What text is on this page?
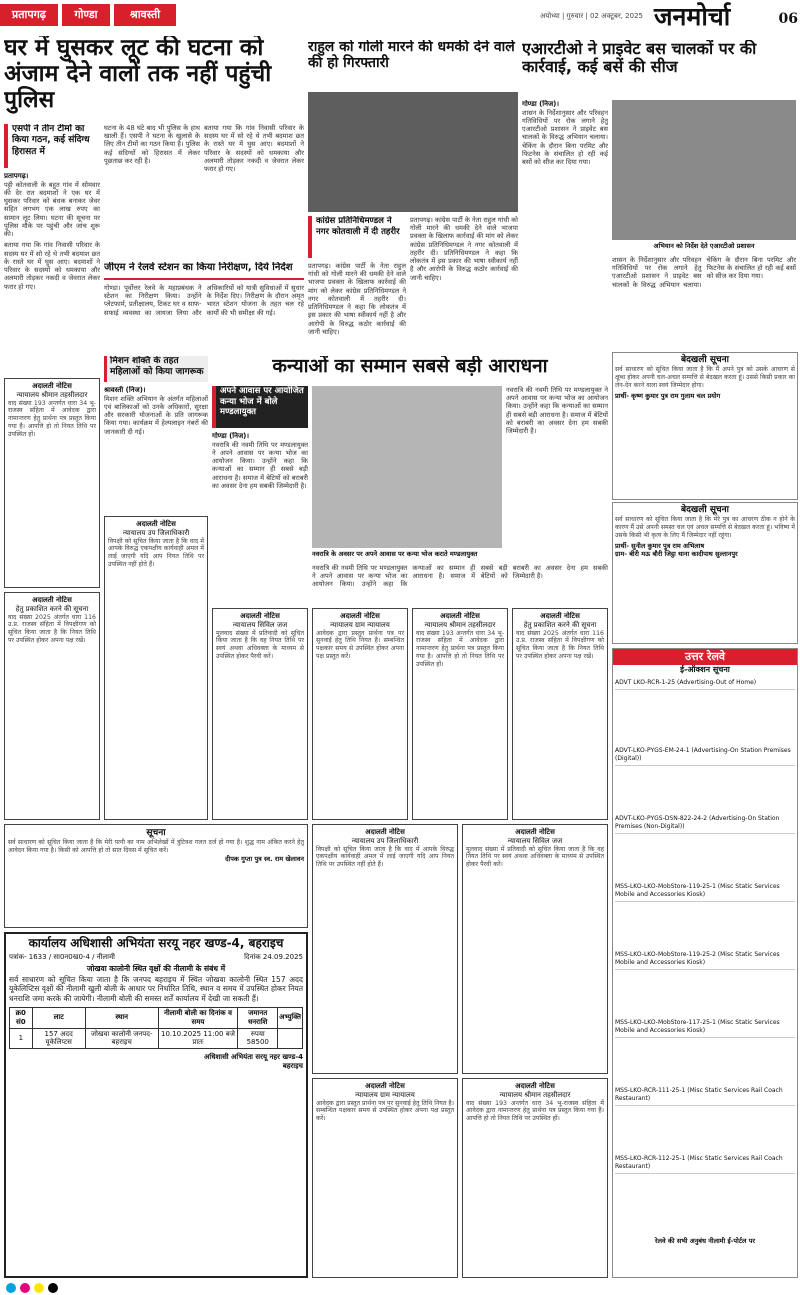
प्रतापगढ़	गोण्डा	श्रावस्ती	अयोध्या | गुरुवार | 02 अक्टूबर, 2025 जनमोर्चा	06
घर में घुसकर लूट की घटना को अंजाम देने वालों तक नहीं पहुंची पुलिस
एसपी ने तीन टीमों का किया गठन, कई संदिग्ध हिरासत में
प्रतापगढ़।
पट्टी कोतवाली के बहुत गांव में सोमवार की देर रात बदमाशों ने एक घर में घुसकर परिवार को बंधक बनाकर जेवर सहित लगभग एक लाख रुपए का सामान लूट लिया। घटना की सूचना पर पुलिस मौके पर पहुंची और जांच शुरू की।
बताया गया कि गांव निवासी परिवार के सदस्य घर में सो रहे थे तभी बदमाश छत के रास्ते घर में घुस आए। बदमाशों ने परिवार के सदस्यों को धमकाया और अलमारी तोड़कर नकदी व जेवरात लेकर फरार हो गए।
घटना के 48 घंटे बाद भी पुलिस के हाथ खाली हैं। एसपी ने घटना के खुलासे के लिए तीन टीमों का गठन किया है। पुलिस कई संदिग्धों को हिरासत में लेकर पूछताछ कर रही है।
बताया गया कि गांव निवासी परिवार के सदस्य घर में सो रहे थे तभी बदमाश छत के रास्ते घर में घुस आए। बदमाशों ने परिवार के सदस्यों को धमकाया और अलमारी तोड़कर नकदी व जेवरात लेकर फरार हो गए।
जीएम ने रेलवे स्टेशन का किया निरीक्षण, दिये निर्देश
गोण्डा। पूर्वोत्तर रेलवे के महाप्रबंधक ने स्टेशन का निरीक्षण किया। उन्होंने प्लेटफार्म, प्रतीक्षालय, टिकट घर व साफ-सफाई व्यवस्था का जायजा लिया और अधिकारियों को यात्री सुविधाओं में सुधार के निर्देश दिए। निरीक्षण के दौरान अमृत भारत स्टेशन योजना के तहत चल रहे कार्यों की भी समीक्षा की गई।
राहुल को गोली मारने की धमकी देने वाले की हो गिरफ्तारी
कांग्रेस प्रतिनिधिमण्डल ने नगर कोतवाली में दी तहरीर
प्रतापगढ़। कांग्रेस पार्टी के नेता राहुल गांधी को गोली मारने की धमकी देने वाले भाजपा प्रवक्ता के खिलाफ कार्रवाई की मांग को लेकर कांग्रेस प्रतिनिधिमण्डल ने नगर कोतवाली में तहरीर दी। प्रतिनिधिमण्डल ने कहा कि लोकतंत्र में इस प्रकार की भाषा स्वीकार्य नहीं है और आरोपी के विरुद्ध कठोर कार्रवाई की जानी चाहिए।
प्रतापगढ़। कांग्रेस पार्टी के नेता राहुल गांधी को गोली मारने की धमकी देने वाले भाजपा प्रवक्ता के खिलाफ कार्रवाई की मांग को लेकर कांग्रेस प्रतिनिधिमण्डल ने नगर कोतवाली में तहरीर दी। प्रतिनिधिमण्डल ने कहा कि लोकतंत्र में इस प्रकार की भाषा स्वीकार्य नहीं है और आरोपी के विरुद्ध कठोर कार्रवाई की जानी चाहिए।
एआरटीओ ने प्राइवेट बस चालकों पर की कार्रवाई, कई बसें की सीज
गोण्डा (निज)।
शासन के निर्देशानुसार और परिवहन गतिविधियों पर रोक लगाने हेतु एआरटीओ प्रशासन ने प्राइवेट बस चालकों के विरुद्ध अभियान चलाया। चेकिंग के दौरान बिना परमिट और फिटनेस के संचालित हो रही कई बसों को सीज कर दिया गया।
अभियान को निर्देश देते एआरटीओ प्रशासन
शासन के निर्देशानुसार और परिवहन गतिविधियों पर रोक लगाने हेतु एआरटीओ प्रशासन ने प्राइवेट बस चालकों के विरुद्ध अभियान चलाया। चेकिंग के दौरान बिना परमिट और फिटनेस के संचालित हो रही कई बसों को सीज कर दिया गया।
बेदखली सूचना
सर्व साधारण को सूचित किया जाता है कि मैं अपने पुत्र को उसके आचरण से क्षुब्ध होकर अपनी चल-अचल सम्पत्ति से बेदखल करता हूं। उससे किसी प्रकार का लेन-देन करने वाला स्वयं जिम्मेदार होगा।
प्रार्थी- कृष्ण कुमार पुत्र राम गुलाम चल प्रयोग
बेदखली सूचना
सर्व साधारण को सूचित किया जाता है कि मेरे पुत्र का आचरण ठीक न होने के कारण मैं उसे अपनी समस्त चल एवं अचल सम्पत्ति से बेदखल करता हूं। भविष्य में उसके किसी भी कृत्य के लिए मैं जिम्मेदार नहीं रहूंगा।
प्रार्थी- सुनील कुमार पुत्र राम अभिलाष
ग्राम- बीरी मऊ बौरी जिट्ठा थाना कादीपाथ सुल्तानपुर
मिशन शक्ति के तहत महिलाओं को किया जागरूक
श्रावस्ती (निज)।
मिशन शक्ति अभियान के अंतर्गत महिलाओं एवं बालिकाओं को उनके अधिकारों, सुरक्षा और सरकारी योजनाओं के प्रति जागरूक किया गया। कार्यक्रम में हेल्पलाइन नंबरों की जानकारी दी गई।
कन्याओं का सम्मान सबसे बड़ी आराधना
अपने आवास पर आयोजित कन्या भोज में बोले मण्डलायुक्त
गोण्डा (निज)।
नवरात्रि की नवमी तिथि पर मण्डलायुक्त ने अपने आवास पर कन्या भोज का आयोजन किया। उन्होंने कहा कि कन्याओं का सम्मान ही सबसे बड़ी आराधना है। समाज में बेटियों को बराबरी का अवसर देना हम सबकी जिम्मेदारी है।
नवरात्रि के अवसर पर अपने आवास पर कन्या भोज कराते मण्डलायुक्त
नवरात्रि की नवमी तिथि पर मण्डलायुक्त ने अपने आवास पर कन्या भोज का आयोजन किया। उन्होंने कहा कि कन्याओं का सम्मान ही सबसे बड़ी आराधना है। समाज में बेटियों को बराबरी का अवसर देना हम सबकी जिम्मेदारी है।
नवरात्रि की नवमी तिथि पर मण्डलायुक्त ने अपने आवास पर कन्या भोज का आयोजन किया। उन्होंने कहा कि कन्याओं का सम्मान ही सबसे बड़ी आराधना है। समाज में बेटियों को बराबरी का अवसर देना हम सबकी जिम्मेदारी है।
अदालती नोटिस
न्यायालय श्रीमान तहसीलदार
वाद संख्या 193 अन्तर्गत धारा 34 भू-राजस्व संहिता में आवेदक द्वारा नामान्तरण हेतु प्रार्थना पत्र प्रस्तुत किया गया है। आपत्ति हो तो नियत तिथि पर उपस्थित हों।
अदालती नोटिस
हेतु प्रकाशित करने की सूचना
वाद संख्या 2025 अंतर्गत धारा 116 उ.प्र. राजस्व संहिता में विपक्षीगण को सूचित किया जाता है कि नियत तिथि पर उपस्थित होकर अपना पक्ष रखें।
अदालती नोटिस
न्यायालय उप जिलाधिकारी
विपक्षी को सूचित किया जाता है कि वाद में आपके विरुद्ध एकपक्षीय कार्यवाही अमल में लाई जाएगी यदि आप नियत तिथि पर उपस्थित नहीं होते हैं।
अदालती नोटिस
न्यायालय सिविल जज
मूलवाद संख्या में प्रतिवादी को सूचित किया जाता है कि वह नियत तिथि पर स्वयं अथवा अधिवक्ता के माध्यम से उपस्थित होकर पैरवी करें।
अदालती नोटिस
न्यायालय ग्राम न्यायालय
आवेदक द्वारा प्रस्तुत प्रार्थना पत्र पर सुनवाई हेतु तिथि नियत है। सम्बन्धित पक्षकार समय से उपस्थित होकर अपना पक्ष प्रस्तुत करें।
अदालती नोटिस
न्यायालय श्रीमान तहसीलदार
वाद संख्या 193 अन्तर्गत धारा 34 भू-राजस्व संहिता में आवेदक द्वारा नामान्तरण हेतु प्रार्थना पत्र प्रस्तुत किया गया है। आपत्ति हो तो नियत तिथि पर उपस्थित हों।
अदालती नोटिस
हेतु प्रकाशित करने की सूचना
वाद संख्या 2025 अंतर्गत धारा 116 उ.प्र. राजस्व संहिता में विपक्षीगण को सूचित किया जाता है कि नियत तिथि पर उपस्थित होकर अपना पक्ष रखें।
सूचना
सर्व साधारण को सूचित किया जाता है कि मेरी पत्नी का नाम अभिलेखों में त्रुटिवश गलत दर्ज हो गया है। शुद्ध नाम अंकित करने हेतु आवेदन किया गया है। किसी को आपत्ति हो तो सात दिवस में सूचित करें।
दीपक गुप्ता पुत्र स्व. राम खेलावन
अदालती नोटिस
न्यायालय उप जिलाधिकारी
विपक्षी को सूचित किया जाता है कि वाद में आपके विरुद्ध एकपक्षीय कार्यवाही अमल में लाई जाएगी यदि आप नियत तिथि पर उपस्थित नहीं होते हैं।
अदालती नोटिस
न्यायालय सिविल जज
मूलवाद संख्या में प्रतिवादी को सूचित किया जाता है कि वह नियत तिथि पर स्वयं अथवा अधिवक्ता के माध्यम से उपस्थित होकर पैरवी करें।
अदालती नोटिस
न्यायालय ग्राम न्यायालय
आवेदक द्वारा प्रस्तुत प्रार्थना पत्र पर सुनवाई हेतु तिथि नियत है। सम्बन्धित पक्षकार समय से उपस्थित होकर अपना पक्ष प्रस्तुत करें।
अदालती नोटिस
न्यायालय श्रीमान तहसीलदार
वाद संख्या 193 अन्तर्गत धारा 34 भू-राजस्व संहिता में आवेदक द्वारा नामान्तरण हेतु प्रार्थना पत्र प्रस्तुत किया गया है। आपत्ति हो तो नियत तिथि पर उपस्थित हों।
कार्यालय अधिशासी अभियंता सरयू नहर खण्ड-4, बहराइच
पत्रांक- 1633 / सा0न0ख0-4 / नीलामी	दिनांक 24.09.2025
जोखवा कालोनी स्थित वृक्षों की नीलामी के संबंध में
सर्व साधारण को सूचित किया जाता है कि जनपद बहराइच में स्थित जोखवा कालोनी स्थित 157 अदद यूकेलिप्टिस वृक्षों की नीलामी खुली बोली के आधार पर निर्धारित तिथि, स्थान व समय में उपस्थित होकर नियत धनराशि जमा करके की जायेगी। नीलामी बोली की समस्त शर्तें कार्यालय में देखी जा सकती हैं।
क्र0 सं0	लाट	स्थान	नीलामी बोली का दिनांक व समय	जमानत धनराशि	अभ्युक्ति
1	157 अदद यूकेलिप्टस	जोखवा कालोनी जनपद- बहराइच	10.10.2025 11:00 बजे प्रातः	रुपया 58500	
अधिशासी अभियंता सरयू नहर खण्ड-4 बहराइच
उत्तर रेलवे
ई-ऑक्शन सूचना
ADVT LKO-RCR-1-25 (Advertising-Out of Home)
ADVT-LKO-PYGS-EM-24-1 (Advertising-On Station Premises (Digital))
ADVT-LKO-PYGS-DSN-822-24-2 (Advertising-On Station Premises (Non-Digital))
MSS-LKO-LKO-MobStore-119-25-1 (Misc Static Services Mobile and Accessories Kiosk)
MSS-LKO-LKO-MobStore-119-25-2 (Misc Static Services Mobile and Accessories Kiosk)
MSS-LKO-LKO-MobStore-117-25-1 (Misc Static Services Mobile and Accessories Kiosk)
MSS-LKO-RCR-111-25-1 (Misc Static Services Rail Coach Restaurant)
MSS-LKO-RCR-112-25-1 (Misc Static Services Rail Coach Restaurant)
रेलवे की सभी अनुबंध नीलामी ई-पोर्टल पर
